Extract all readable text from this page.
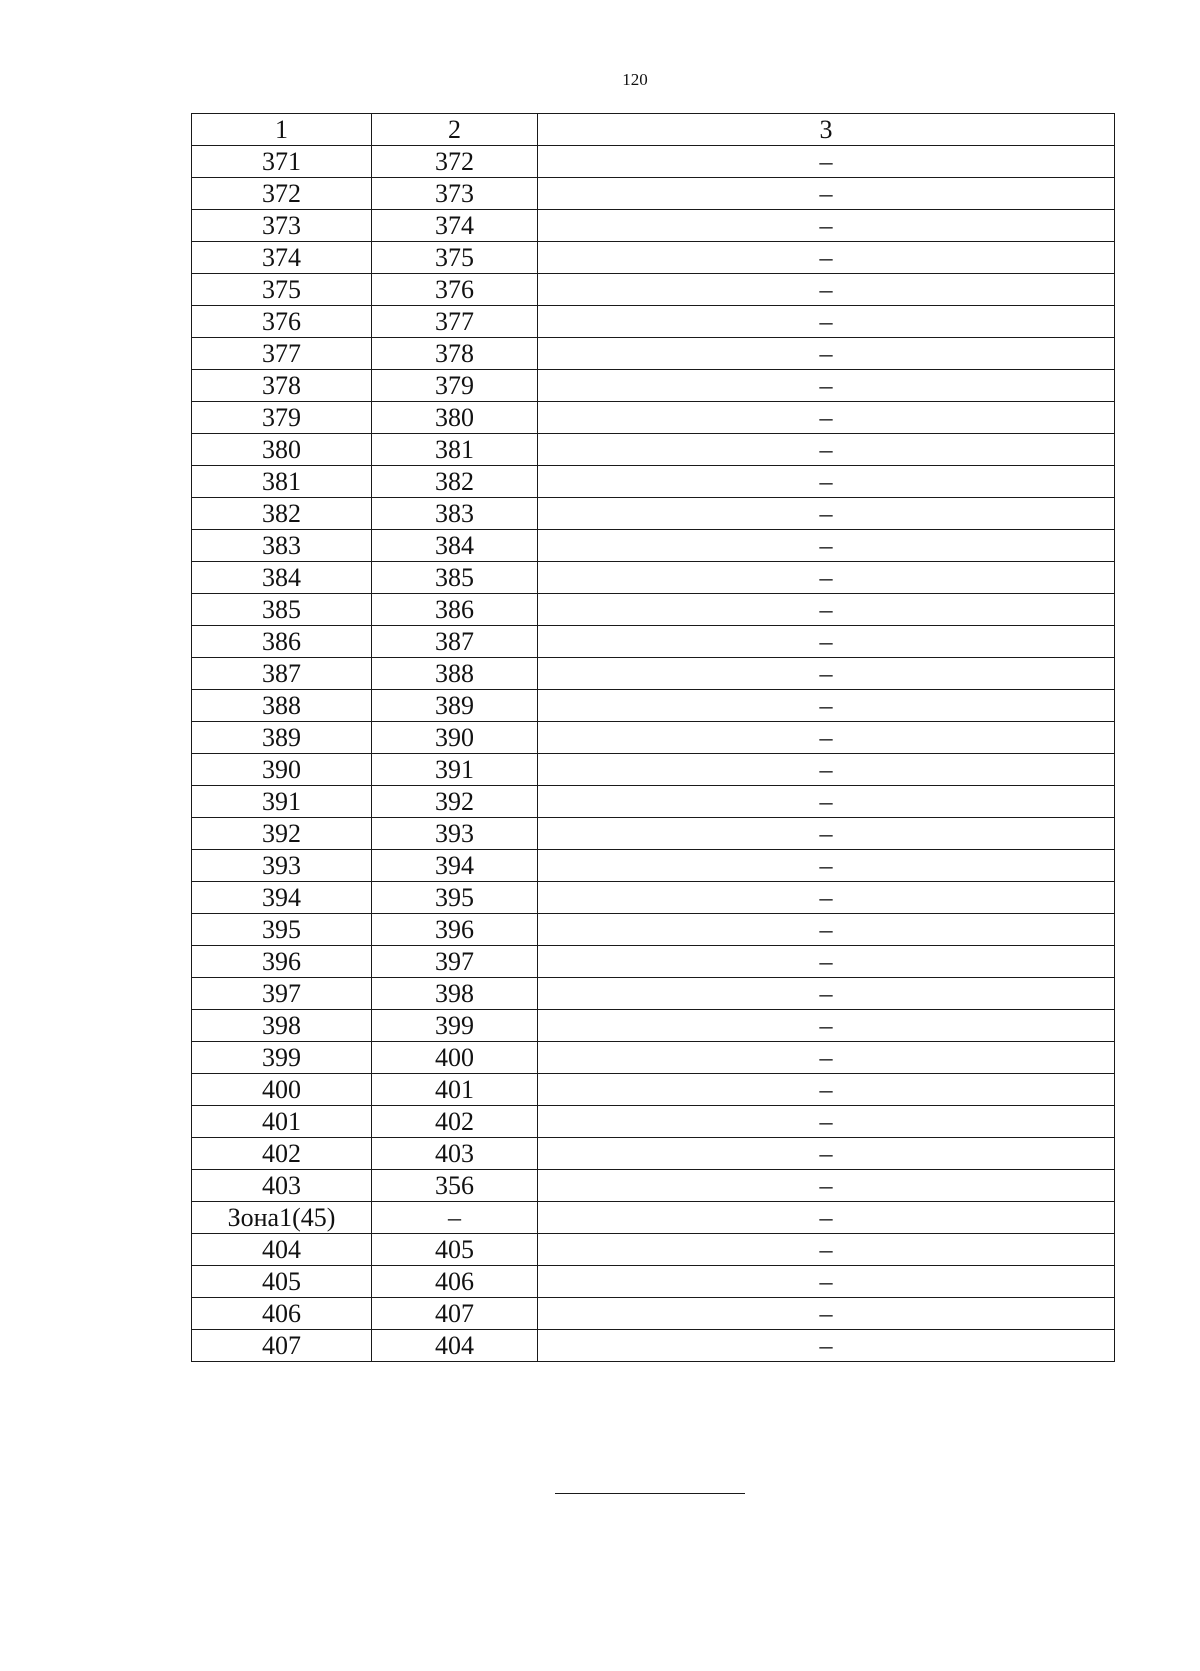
120
1	2	3
371	372	–
372	373	–
373	374	–
374	375	–
375	376	–
376	377	–
377	378	–
378	379	–
379	380	–
380	381	–
381	382	–
382	383	–
383	384	–
384	385	–
385	386	–
386	387	–
387	388	–
388	389	–
389	390	–
390	391	–
391	392	–
392	393	–
393	394	–
394	395	–
395	396	–
396	397	–
397	398	–
398	399	–
399	400	–
400	401	–
401	402	–
402	403	–
403	356	–
Зона1(45)	–	–
404	405	–
405	406	–
406	407	–
407	404	–
